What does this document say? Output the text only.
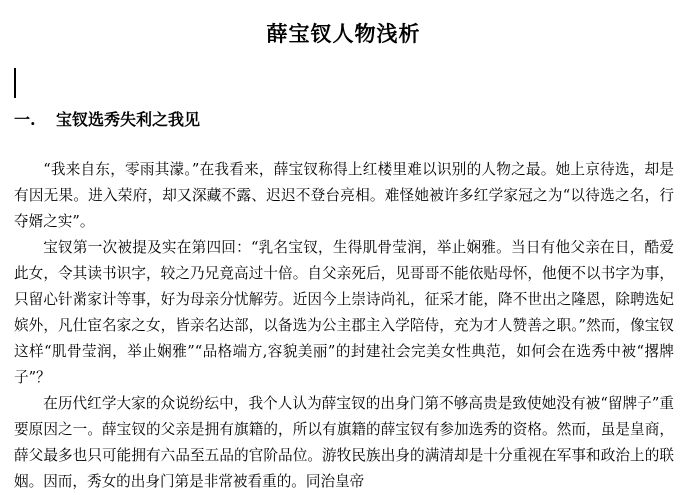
薛宝钗人物浅析
一. 宝钗选秀失利之我见

“我来自东，零雨其濛。”在我看来，薛宝钗称得上红楼里难以识别的人物之最。她上京待选，却是有因无果。进入荣府，却又深藏不露、迟迟不登台亮相。难怪她被许多红学家冠之为“以待选之名，行夺婿之实”。

宝钗第一次被提及实在第四回：“乳名宝钗，生得肌骨莹润，举止娴雅。当日有他父亲在日，酷爱此女，令其读书识字，较之乃兄竟高过十倍。自父亲死后，见哥哥不能依贴母怀，他便不以书字为事，只留心针黹家计等事，好为母亲分忧解劳。近因今上崇诗尚礼，征采才能，降不世出之隆恩，除聘选妃嫔外，凡仕宦名家之女，皆亲名达部，以备选为公主郡主入学陪侍，充为才人赞善之职。”然而，像宝钗这样“肌骨莹润，举止娴雅”“品格端方,容貌美丽”的封建社会完美女性典范，如何会在选秀中被“撂牌子”？

在历代红学大家的众说纷纭中，我个人认为薛宝钗的出身门第不够高贵是致使她没有被“留牌子”重要原因之一。薛宝钗的父亲是拥有旗籍的，所以有旗籍的薛宝钗有参加选秀的资格。然而，虽是皇商，薛父最多也只可能拥有六品至五品的官阶品位。游牧民族出身的满清却是十分重视在军事和政治上的联姻。因而，秀女的出身门第是非常被看重的。同治皇帝
